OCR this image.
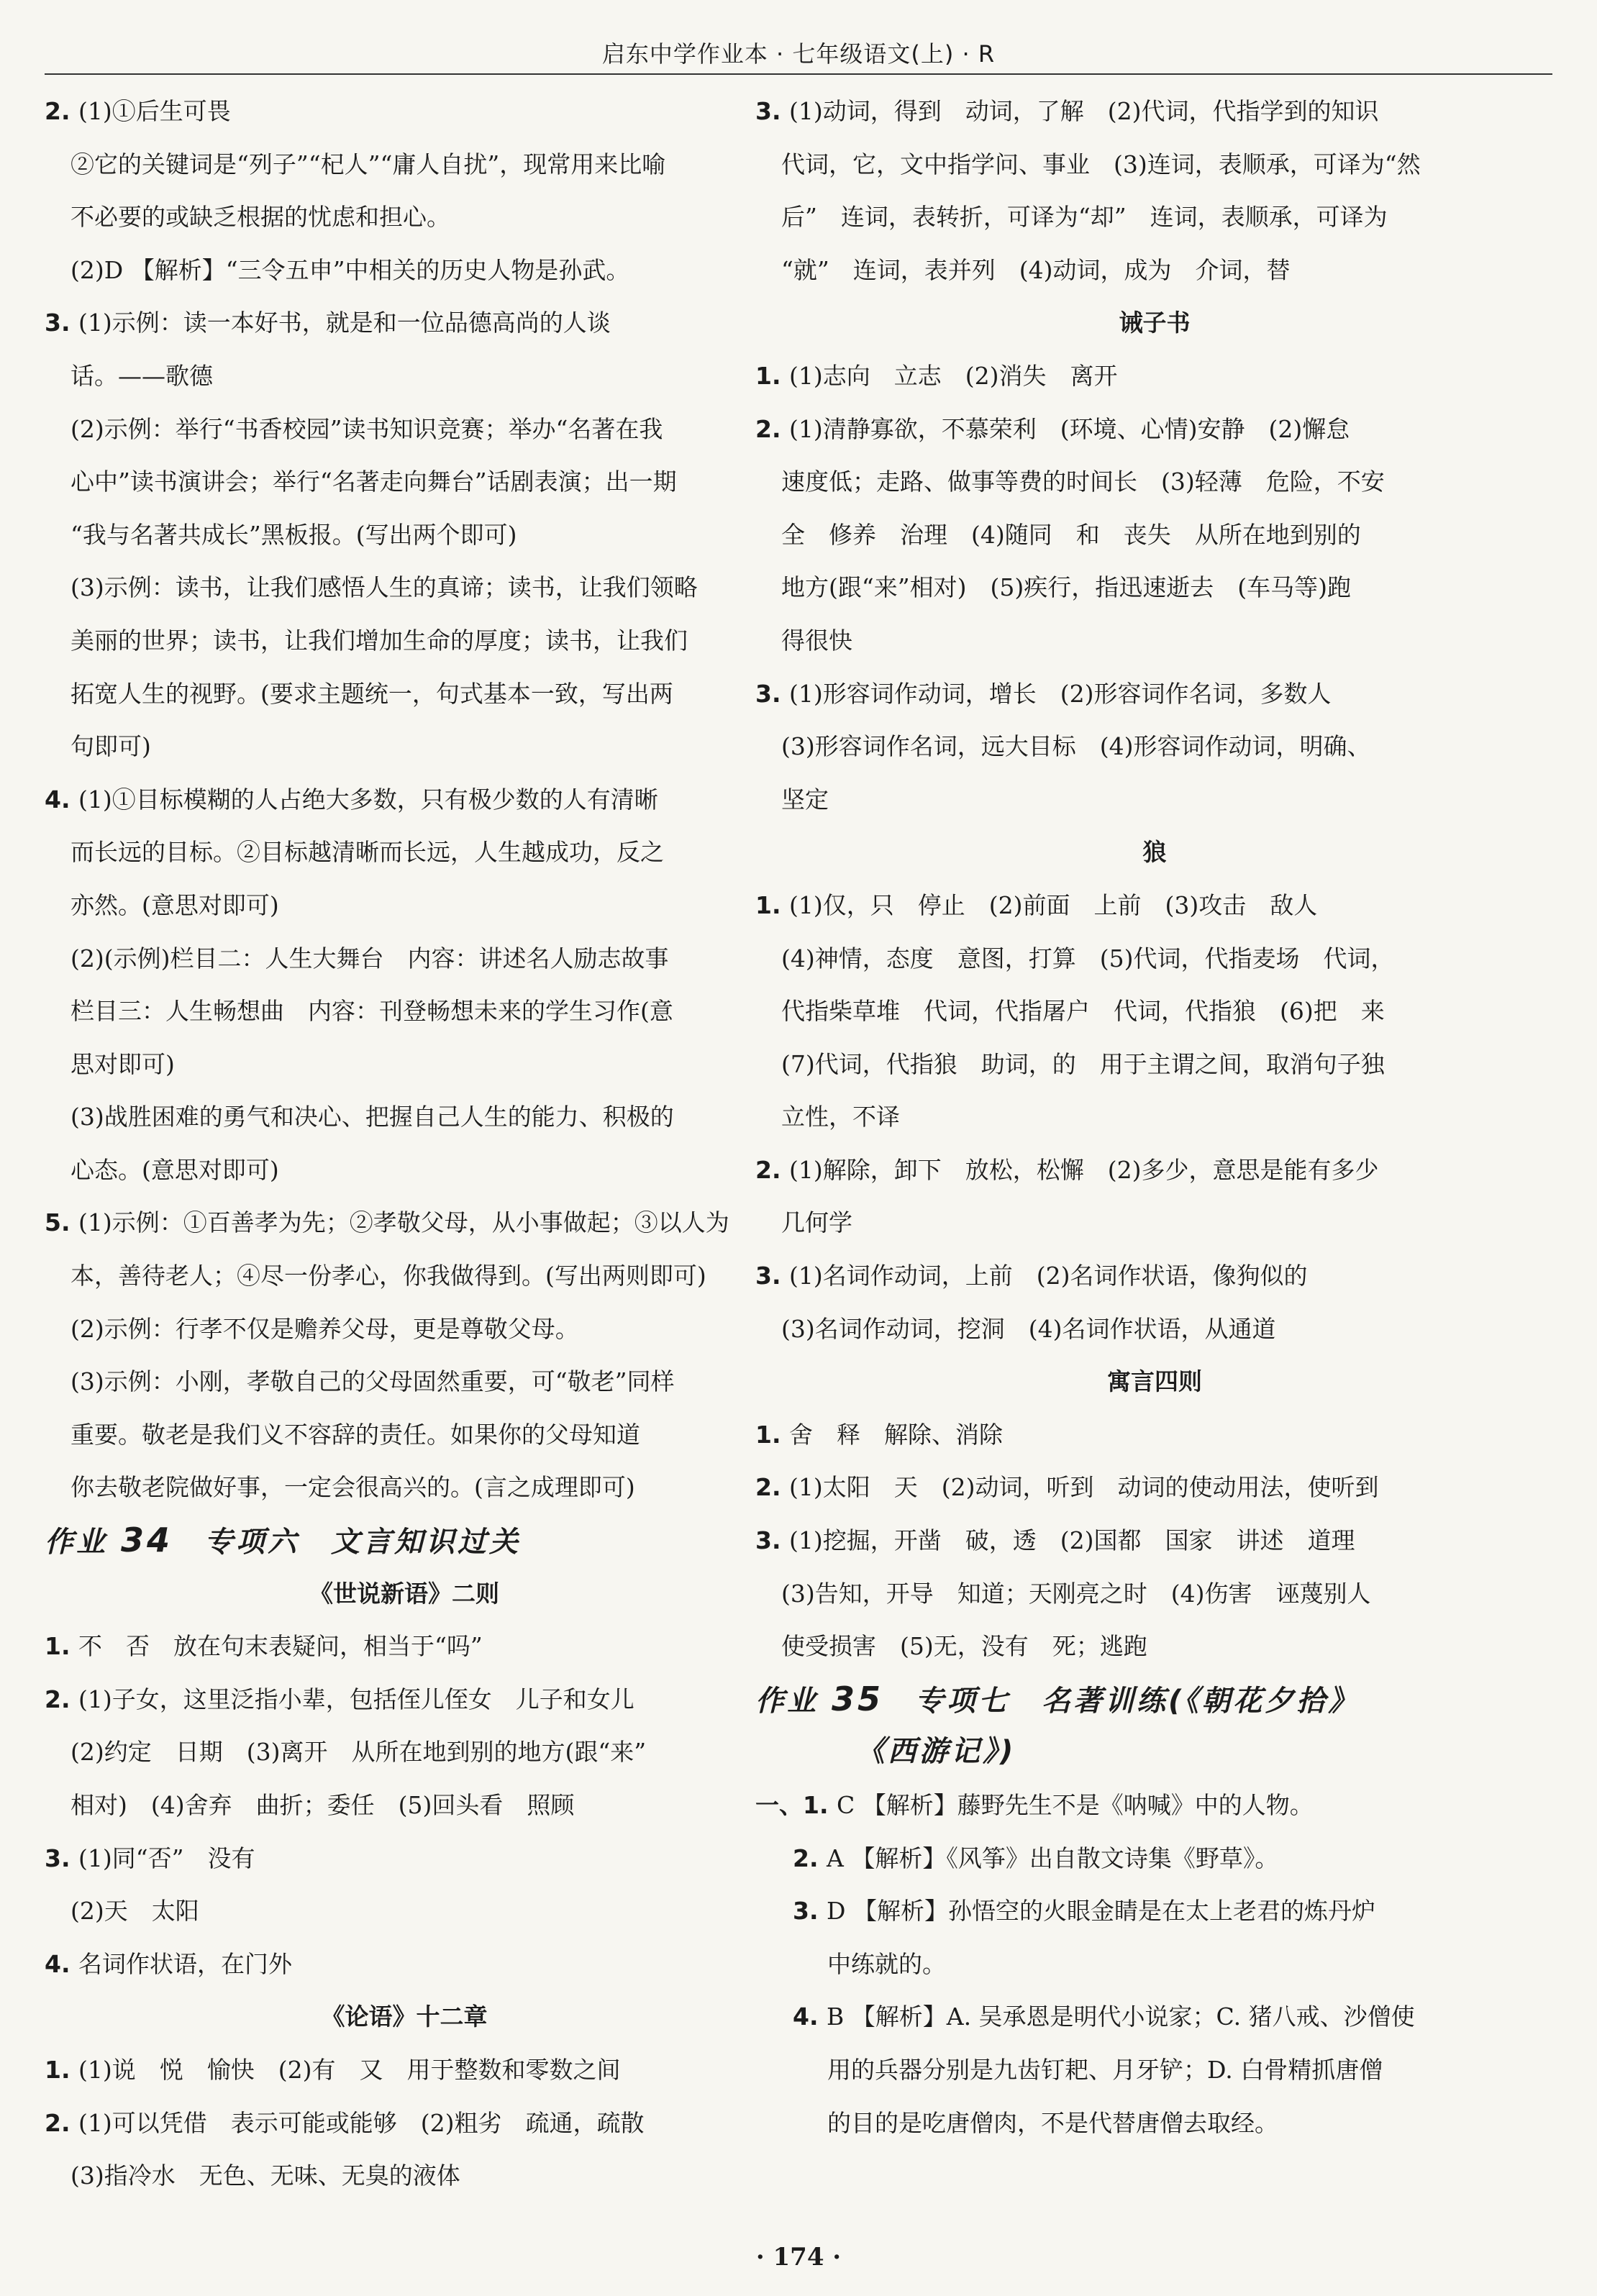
启东中学作业本 · 七年级语文(上) · R
2. (1)①后生可畏
②它的关键词是“列子”“杞人”“庸人自扰”，现常用来比喻
不必要的或缺乏根据的忧虑和担心。
(2)D 【解析】“三令五申”中相关的历史人物是孙武。
3. (1)示例：读一本好书，就是和一位品德高尚的人谈
话。——歌德
(2)示例：举行“书香校园”读书知识竞赛；举办“名著在我
心中”读书演讲会；举行“名著走向舞台”话剧表演；出一期
“我与名著共成长”黑板报。(写出两个即可)
(3)示例：读书，让我们感悟人生的真谛；读书，让我们领略
美丽的世界；读书，让我们增加生命的厚度；读书，让我们
拓宽人生的视野。(要求主题统一，句式基本一致，写出两
句即可)
4. (1)①目标模糊的人占绝大多数，只有极少数的人有清晰
而长远的目标。②目标越清晰而长远，人生越成功，反之
亦然。(意思对即可)
(2)(示例)栏目二：人生大舞台　内容：讲述名人励志故事
栏目三：人生畅想曲　内容：刊登畅想未来的学生习作(意
思对即可)
(3)战胜困难的勇气和决心、把握自己人生的能力、积极的
心态。(意思对即可)
5. (1)示例：①百善孝为先；②孝敬父母，从小事做起；③以人为
本，善待老人；④尽一份孝心，你我做得到。(写出两则即可)
(2)示例：行孝不仅是赡养父母，更是尊敬父母。
(3)示例：小刚，孝敬自己的父母固然重要，可“敬老”同样
重要。敬老是我们义不容辞的责任。如果你的父母知道
你去敬老院做好事，一定会很高兴的。(言之成理即可)
作业 34　专项六　文言知识过关
《世说新语》二则
1. 不　否　放在句末表疑问，相当于“吗”
2. (1)子女，这里泛指小辈，包括侄儿侄女　儿子和女儿
(2)约定　日期　(3)离开　从所在地到别的地方(跟“来”
相对)　(4)舍弃　曲折；委任　(5)回头看　照顾
3. (1)同“否”　没有
(2)天　太阳
4. 名词作状语，在门外
《论语》十二章
1. (1)说　悦　愉快　(2)有　又　用于整数和零数之间
2. (1)可以凭借　表示可能或能够　(2)粗劣　疏通，疏散
(3)指冷水　无色、无味、无臭的液体
3. (1)动词，得到　动词，了解　(2)代词，代指学到的知识
代词，它，文中指学问、事业　(3)连词，表顺承，可译为“然
后”　连词，表转折，可译为“却”　连词，表顺承，可译为
“就”　连词，表并列　(4)动词，成为　介词，替
诫子书
1. (1)志向　立志　(2)消失　离开
2. (1)清静寡欲，不慕荣利　(环境、心情)安静　(2)懈怠
速度低；走路、做事等费的时间长　(3)轻薄　危险，不安
全　修养　治理　(4)随同　和　丧失　从所在地到别的
地方(跟“来”相对)　(5)疾行，指迅速逝去　(车马等)跑
得很快
3. (1)形容词作动词，增长　(2)形容词作名词，多数人
(3)形容词作名词，远大目标　(4)形容词作动词，明确、
坚定
狼
1. (1)仅，只　停止　(2)前面　上前　(3)攻击　敌人
(4)神情，态度　意图，打算　(5)代词，代指麦场　代词，
代指柴草堆　代词，代指屠户　代词，代指狼　(6)把　来
(7)代词，代指狼　助词，的　用于主谓之间，取消句子独
立性，不译
2. (1)解除，卸下　放松，松懈　(2)多少，意思是能有多少
几何学
3. (1)名词作动词，上前　(2)名词作状语，像狗似的
(3)名词作动词，挖洞　(4)名词作状语，从通道
寓言四则
1. 舍　释　解除、消除
2. (1)太阳　天　(2)动词，听到　动词的使动用法，使听到
3. (1)挖掘，开凿　破，透　(2)国都　国家　讲述　道理
(3)告知，开导　知道；天刚亮之时　(4)伤害　诬蔑别人
使受损害　(5)无，没有　死；逃跑
作业 35　专项七　名著训练(《朝花夕拾》
《西游记》)
一、1. C 【解析】藤野先生不是《呐喊》中的人物。
2. A 【解析】《风筝》出自散文诗集《野草》。
3. D 【解析】孙悟空的火眼金睛是在太上老君的炼丹炉
中练就的。
4. B 【解析】A. 吴承恩是明代小说家；C. 猪八戒、沙僧使
用的兵器分别是九齿钉耙、月牙铲；D. 白骨精抓唐僧
的目的是吃唐僧肉，不是代替唐僧去取经。
· 174 ·
